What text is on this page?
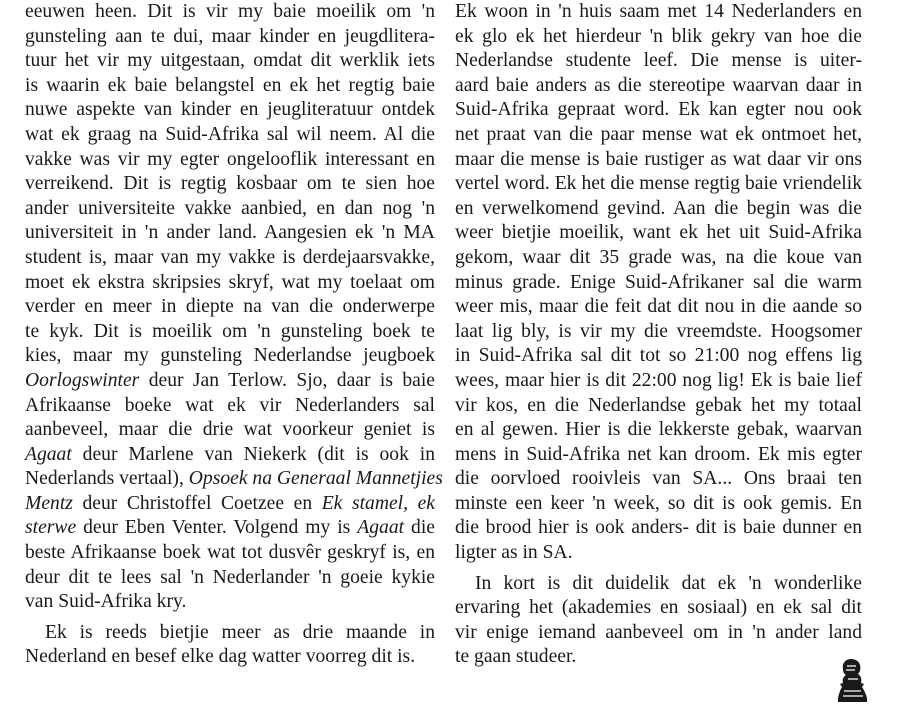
eeuwen heen. Dit is vir my baie moeilik om 'n
gunsteling aan te dui, maar kinder en jeugdlitera-
tuur het vir my uitgestaan, omdat dit werklik iets
is waarin ek baie belangstel en ek het regtig baie
nuwe aspekte van kinder en jeugliteratuur ontdek
wat ek graag na Suid-Afrika sal wil neem. Al die
vakke was vir my egter ongelooflik interessant en
verreikend. Dit is regtig kosbaar om te sien hoe
ander universiteite vakke aanbied, en dan nog 'n
universiteit in 'n ander land. Aangesien ek 'n MA
student is, maar van my vakke is derdejaarsvakke,
moet ek ekstra skripsies skryf, wat my toelaat om
verder en meer in diepte na van die onderwerpe
te kyk. Dit is moeilik om 'n gunsteling boek te
kies, maar my gunsteling Nederlandse jeugboek
Oorlogswinter deur Jan Terlow. Sjo, daar is baie
Afrikaanse boeke wat ek vir Nederlanders sal
aanbeveel, maar die drie wat voorkeur geniet is
Agaat deur Marlene van Niekerk (dit is ook in
Nederlands vertaal), Opsoek na Generaal Mannetjies
Mentz deur Christoffel Coetzee en Ek stamel, ek
sterwe deur Eben Venter. Volgend my is Agaat die
beste Afrikaanse boek wat tot dusvêr geskryf is, en
deur dit te lees sal 'n Nederlander 'n goeie kykie
van Suid-Afrika kry.
Ek is reeds bietjie meer as drie maande in
Nederland en besef elke dag watter voorreg dit is.
Ek woon in 'n huis saam met 14 Nederlanders en
ek glo ek het hierdeur 'n blik gekry van hoe die
Nederlandse studente leef. Die mense is uiter-
aard baie anders as die stereotipe waarvan daar in
Suid-Afrika gepraat word. Ek kan egter nou ook
net praat van die paar mense wat ek ontmoet het,
maar die mense is baie rustiger as wat daar vir ons
vertel word. Ek het die mense regtig baie vriendelik
en verwelkomend gevind. Aan die begin was die
weer bietjie moeilik, want ek het uit Suid-Afrika
gekom, waar dit 35 grade was, na die koue van
minus grade. Enige Suid-Afrikaner sal die warm
weer mis, maar die feit dat dit nou in die aande so
laat lig bly, is vir my die vreemdste. Hoogsomer
in Suid-Afrika sal dit tot so 21:00 nog effens lig
wees, maar hier is dit 22:00 nog lig! Ek is baie lief
vir kos, en die Nederlandse gebak het my totaal
en al gewen. Hier is die lekkerste gebak, waarvan
mens in Suid-Afrika net kan droom. Ek mis egter
die oorvloed rooivleis van SA... Ons braai ten
minste een keer 'n week, so dit is ook gemis. En
die brood hier is ook anders- dit is baie dunner en
ligter as in SA.
In kort is dit duidelik dat ek 'n wonderlike
ervaring het (akademies en sosiaal) en ek sal dit
vir enige iemand aanbeveel om in 'n ander land
te gaan studeer.
